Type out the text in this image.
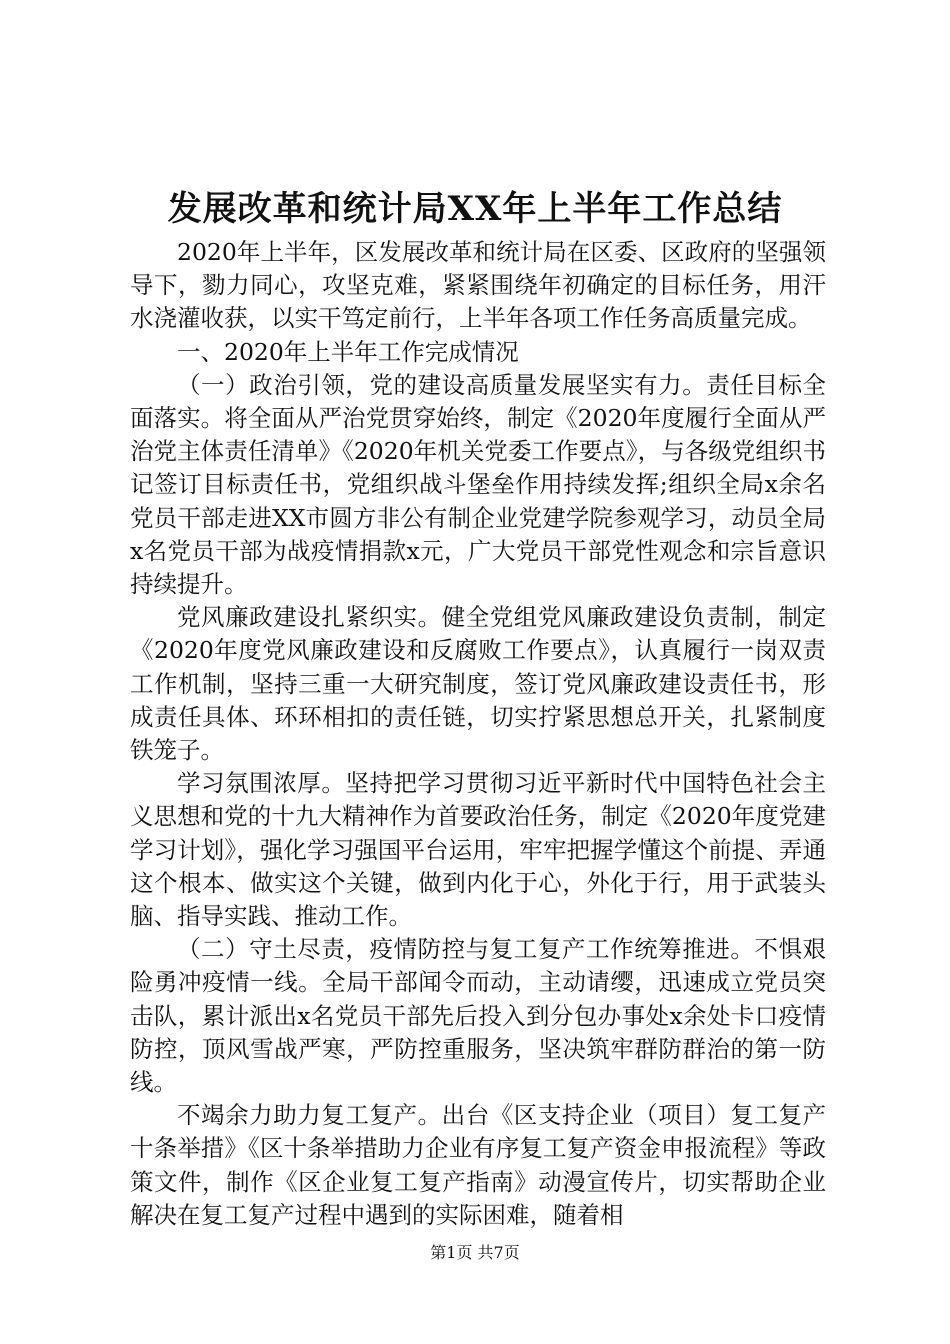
发展改革和统计局XX年上半年工作总结

2020年上半年，区发展改革和统计局在区委、区政府的坚强领导下，勠力同心，攻坚克难，紧紧围绕年初确定的目标任务，用汗水浇灌收获，以实干笃定前行，上半年各项工作任务高质量完成。

一、2020年上半年工作完成情况

（一）政治引领，党的建设高质量发展坚实有力。责任目标全面落实。将全面从严治党贯穿始终，制定《2020年度履行全面从严治党主体责任清单》《2020年机关党委工作要点》，与各级党组织书记签订目标责任书，党组织战斗堡垒作用持续发挥;组织全局x余名党员干部走进XX市圆方非公有制企业党建学院参观学习，动员全局x名党员干部为战疫情捐款x元，广大党员干部党性观念和宗旨意识持续提升。

党风廉政建设扎紧织实。健全党组党风廉政建设负责制，制定《2020年度党风廉政建设和反腐败工作要点》，认真履行一岗双责工作机制，坚持三重一大研究制度，签订党风廉政建设责任书，形成责任具体、环环相扣的责任链，切实拧紧思想总开关，扎紧制度铁笼子。

学习氛围浓厚。坚持把学习贯彻习近平新时代中国特色社会主义思想和党的十九大精神作为首要政治任务，制定《2020年度党建学习计划》，强化学习强国平台运用，牢牢把握学懂这个前提、弄通这个根本、做实这个关键，做到内化于心，外化于行，用于武装头脑、指导实践、推动工作。

（二）守土尽责，疫情防控与复工复产工作统筹推进。不惧艰险勇冲疫情一线。全局干部闻令而动，主动请缨，迅速成立党员突击队，累计派出x名党员干部先后投入到分包办事处x余处卡口疫情防控，顶风雪战严寒，严防控重服务，坚决筑牢群防群治的第一防线。

不竭余力助力复工复产。出台《区支持企业（项目）复工复产十条举措》《区十条举措助力企业有序复工复产资金申报流程》等政策文件，制作《区企业复工复产指南》动漫宣传片，切实帮助企业解决在复工复产过程中遇到的实际困难，随着相

第1页 共7页
